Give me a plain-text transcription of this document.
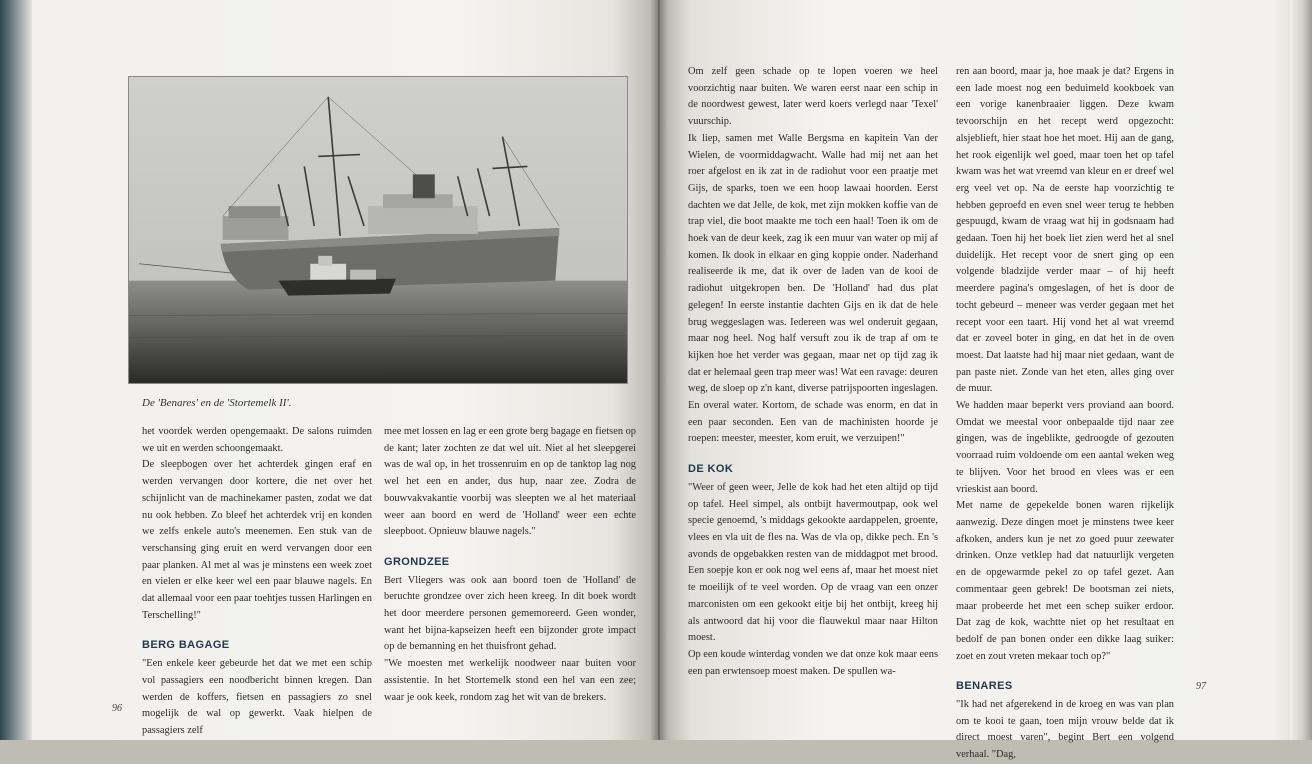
De 'Benares' en de 'Stortemelk II'.

het voordek werden opengemaakt. De salons ruimden we uit en werden schoongemaakt.

De sleepbogen over het achterdek gingen eraf en werden vervangen door kortere, die net over het schijnlicht van de machinekamer pasten, zodat we dat nu ook hebben. Zo bleef het achterdek vrij en konden we zelfs enkele auto's meenemen. Een stuk van de verschansing ging eruit en werd vervangen door een paar planken. Al met al was je minstens een week zoet en vielen er elke keer wel een paar blauwe nagels. En dat allemaal voor een paar toehtjes tussen Harlingen en Terschelling!"

BERG BAGAGE

"Een enkele keer gebeurde het dat we met een schip vol passagiers een noodbericht binnen kregen. Dan werden de koffers, fietsen en passagiers zo snel mogelijk de wal op gewerkt. Vaak hielpen de passagiers zelf

mee met lossen en lag er een grote berg bagage en fietsen op de kant; later zochten ze dat wel uit. Niet al het sleepgerei was de wal op, in het trossenruim en op de tanktop lag nog wel het een en ander, dus hup, naar zee. Zodra de bouwvakvakantie voorbij was sleepten we al het materiaal weer aan boord en werd de 'Holland' weer een echte sleepboot. Opnieuw blauwe nagels."

GRONDZEE

Bert Vliegers was ook aan boord toen de 'Holland' de beruchte grondzee over zich heen kreeg. In dit boek wordt het door meerdere personen gememoreerd. Geen wonder, want het bijna-kapseizen heeft een bijzonder grote impact op de bemanning en het thuisfront gehad.

"We moesten met werkelijk noodweer naar buiten voor assistentie. In het Stortemelk stond een hel van een zee; waar je ook keek, rondom zag het wit van de brekers.

Om zelf geen schade op te lopen voeren we heel voorzichtig naar buiten. We waren eerst naar een schip in de noordwest gewest, later werd koers verlegd naar 'Texel' vuurschip.

Ik liep, samen met Walle Bergsma en kapitein Van der Wielen, de voormiddagwacht. Walle had mij net aan het roer afgelost en ik zat in de radiohut voor een praatje met Gijs, de sparks, toen we een hoop lawaai hoorden. Eerst dachten we dat Jelle, de kok, met zijn mokken koffie van de trap viel, die boot maakte me toch een haal! Toen ik om de hoek van de deur keek, zag ik een muur van water op mij af komen. Ik dook in elkaar en ging koppie onder. Naderhand realiseerde ik me, dat ik over de laden van de kooi de radiohut uitgekropen ben. De 'Holland' had dus plat gelegen! In eerste instantie dachten Gijs en ik dat de hele brug weggeslagen was. Iedereen was wel onderuit gegaan, maar nog heel. Nog half versuft zou ik de trap af om te kijken hoe het verder was gegaan, maar net op tijd zag ik dat er helemaal geen trap meer was! Wat een ravage: deuren weg, de sloep op z'n kant, diverse patrijspoorten ingeslagen. En overal water. Kortom, de schade was enorm, en dat in een paar seconden. Een van de machinisten hoorde je roepen: meester, meester, kom eruit, we verzuipen!"

DE KOK

"Weer of geen weer, Jelle de kok had het eten altijd op tijd op tafel. Heel simpel, als ontbijt havermoutpap, ook wel specie genoemd, 's middags gekookte aardappelen, groente, vlees en vla uit de fles na. Was de vla op, dikke pech. En 's avonds de opgebakken resten van de middagpot met brood. Een soepje kon er ook nog wel eens af, maar het moest niet te moeilijk of te veel worden. Op de vraag van een onzer marconisten om een gekookt eitje bij het ontbijt, kreeg hij als antwoord dat hij voor die flauwekul maar naar Hilton moest.

Op een koude winterdag vonden we dat onze kok maar eens een pan erwtensoep moest maken. De spullen wa-

ren aan boord, maar ja, hoe maak je dat? Ergens in een lade moest nog een beduimeld kookboek van een vorige kanenbraaier liggen. Deze kwam tevoorschijn en het recept werd opgezocht: alsjeblieft, hier staat hoe het moet. Hij aan de gang, het rook eigenlijk wel goed, maar toen het op tafel kwam was het wat vreemd van kleur en er dreef wel erg veel vet op. Na de eerste hap voorzichtig te hebben geproefd en even snel weer terug te hebben gespuugd, kwam de vraag wat hij in godsnaam had gedaan. Toen hij het boek liet zien werd het al snel duidelijk. Het recept voor de snert ging op een volgende bladzijde verder maar – of hij heeft meerdere pagina's omgeslagen, of het is door de tocht gebeurd – meneer was verder gegaan met het recept voor een taart. Hij vond het al wat vreemd dat er zoveel boter in ging, en dat het in de oven moest. Dat laatste had hij maar niet gedaan, want de pan paste niet. Zonde van het eten, alles ging over de muur.

We hadden maar beperkt vers proviand aan boord. Omdat we meestal voor onbepaalde tijd naar zee gingen, was de ingeblikte, gedroogde of gezouten voorraad ruim voldoende om een aantal weken weg te blijven. Voor het brood en vlees was er een vrieskist aan boord.

Met name de gepekelde bonen waren rijkelijk aanwezig. Deze dingen moet je minstens twee keer afkoken, anders kun je net zo goed puur zeewater drinken. Onze vetklep had dat natuurlijk vergeten en de opgewarmde pekel zo op tafel gezet. Aan commentaar geen gebrek! De bootsman zei niets, maar probeerde het met een schep suiker erdoor. Dat zag de kok, wachtte niet op het resultaat en bedolf de pan bonen onder een dikke laag suiker: zoet en zout vreten mekaar toch op?"

BENARES

"Ik had net afgerekend in de kroeg en was van plan om te kooi te gaan, toen mijn vrouw belde dat ik direct moest varen", begint Bert een volgend verhaal. "Dag,

96
97
